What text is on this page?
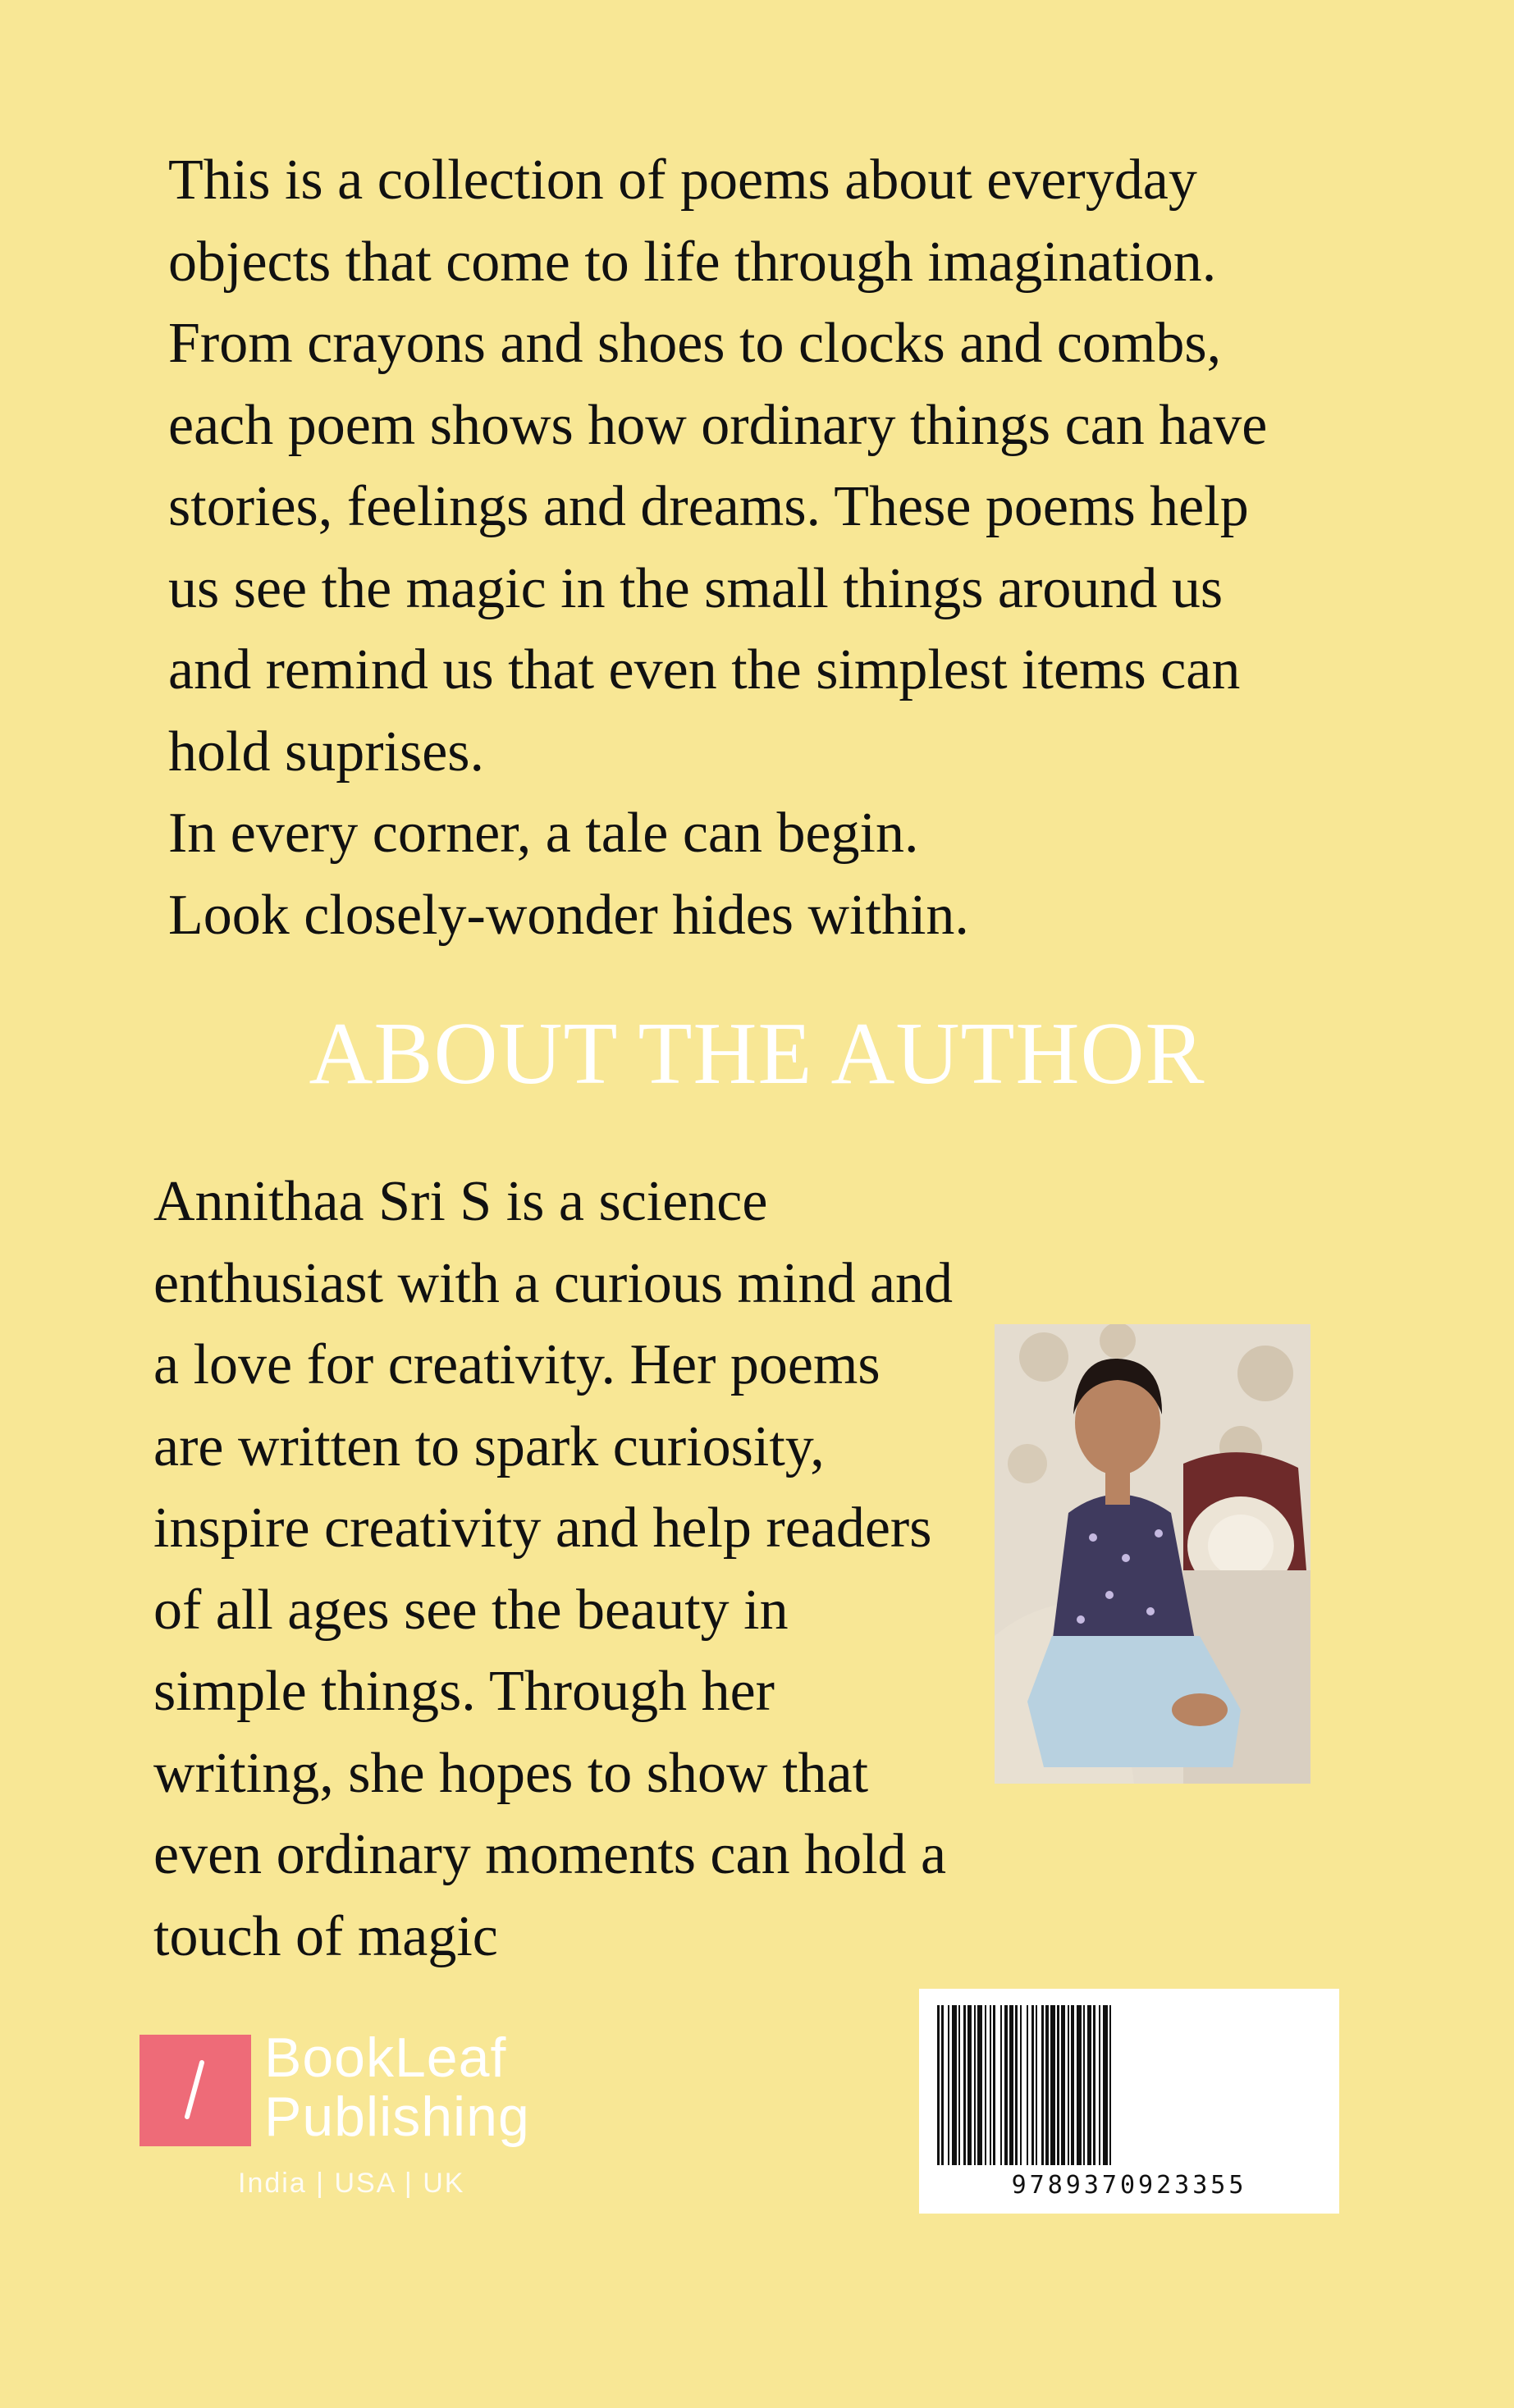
This is a collection of poems about everyday

objects that come to life through imagination.

From crayons and shoes to clocks and combs,

each poem shows how ordinary things can have

stories, feelings and dreams. These poems help

us see the magic in the small things around us

and remind us that even the simplest items can

hold suprises.

In every corner, a tale can begin.

Look closely-wonder hides within.

ABOUT THE AUTHOR
Annithaa Sri S is a science
enthusiast with a curious mind and
a love for creativity. Her poems
are written to spark curiosity,
inspire creativity and help readers
of all ages see the beauty in
simple things. Through her
writing, she hopes to show that
even ordinary moments can hold a
touch of magic
BookLeaf
Publishing
India | USA | UK	9789370923355
